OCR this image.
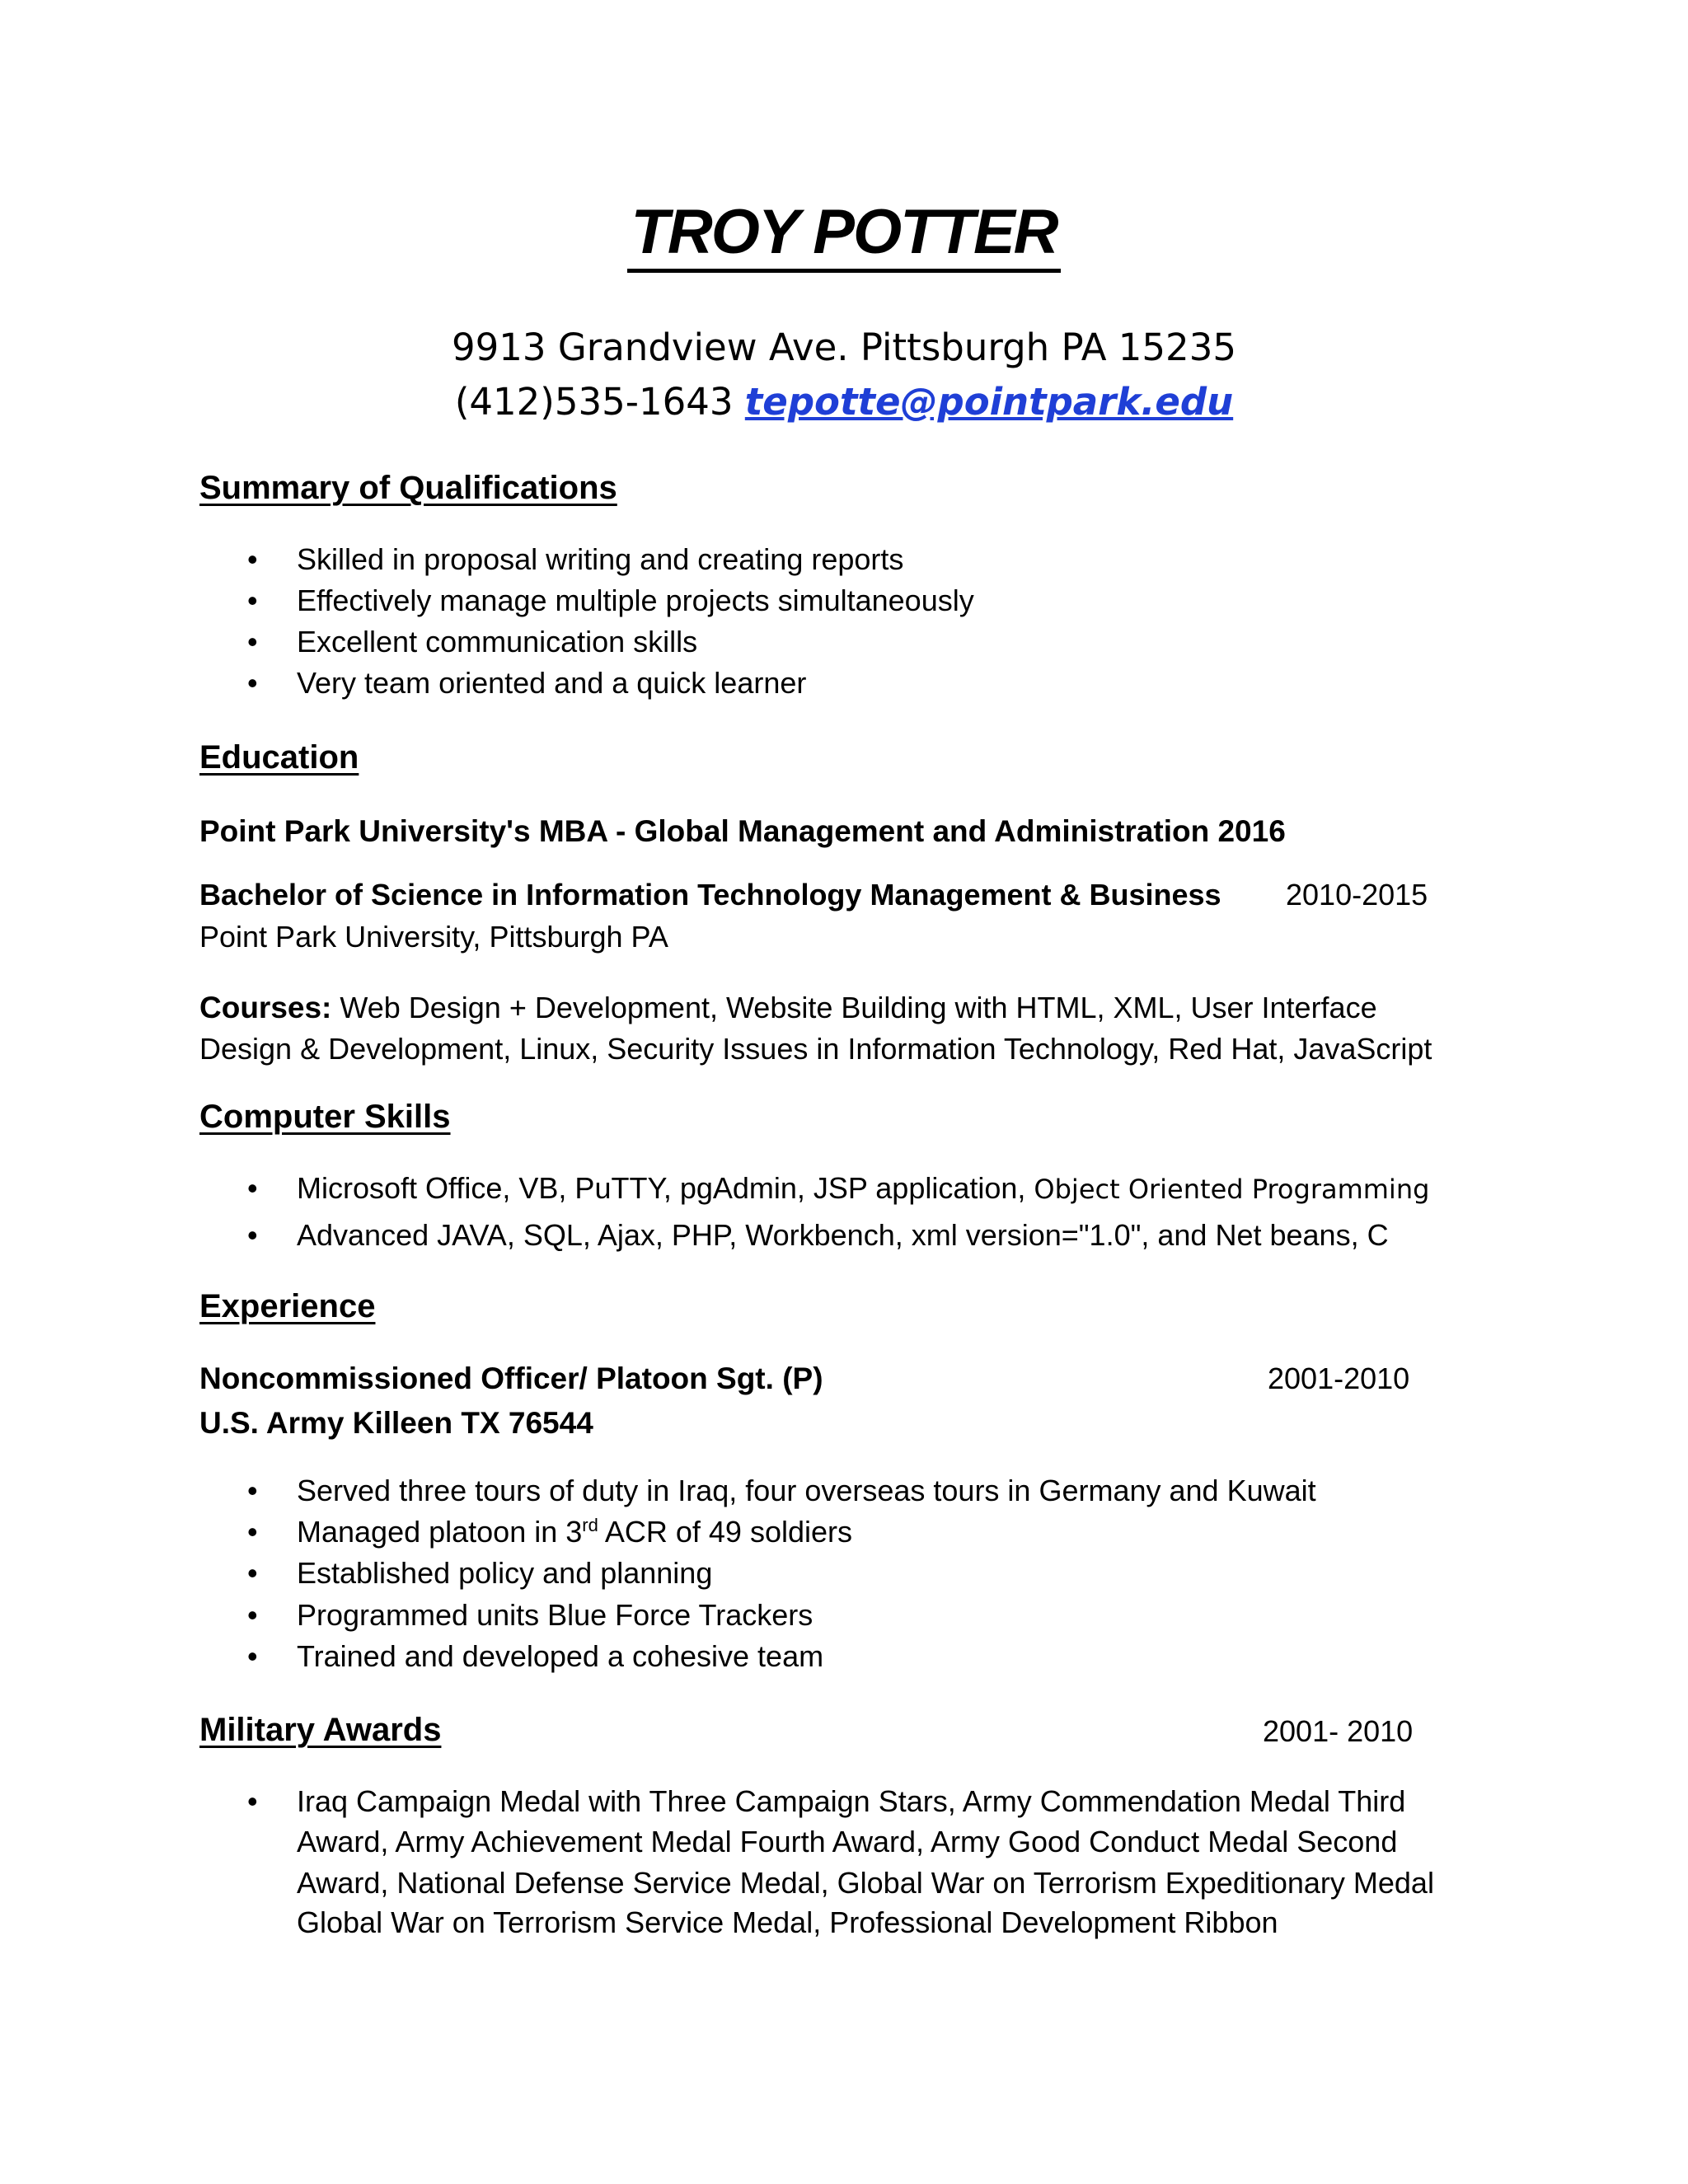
TROY POTTER
9913 Grandview Ave. Pittsburgh PA 15235
(412)535-1643 tepotte@pointpark.edu
Summary of Qualifications
• Skilled in proposal writing and creating reports
• Effectively manage multiple projects simultaneously
• Excellent communication skills
• Very team oriented and a quick learner
Education
Point Park University's MBA - Global Management and Administration 2016
Bachelor of Science in Information Technology Management & Business 2010-2015
Point Park University, Pittsburgh PA
Courses: Web Design + Development, Website Building with HTML, XML, User Interface
Design & Development, Linux, Security Issues in Information Technology, Red Hat, JavaScript
Computer Skills
• Microsoft Office, VB, PuTTY, pgAdmin, JSP application, Object Oriented Programming
• Advanced JAVA, SQL, Ajax, PHP, Workbench, xml version="1.0", and Net beans, C
Experience
Noncommissioned Officer/ Platoon Sgt. (P)	2001-2010
U.S. Army Killeen TX 76544
• Served three tours of duty in Iraq, four overseas tours in Germany and Kuwait
• Managed platoon in 3rd ACR of 49 soldiers
• Established policy and planning
• Programmed units Blue Force Trackers
• Trained and developed a cohesive team
Military Awards	2001- 2010
• Iraq Campaign Medal with Three Campaign Stars, Army Commendation Medal Third
Award, Army Achievement Medal Fourth Award, Army Good Conduct Medal Second
Award, National Defense Service Medal, Global War on Terrorism Expeditionary Medal
Global War on Terrorism Service Medal, Professional Development Ribbon
